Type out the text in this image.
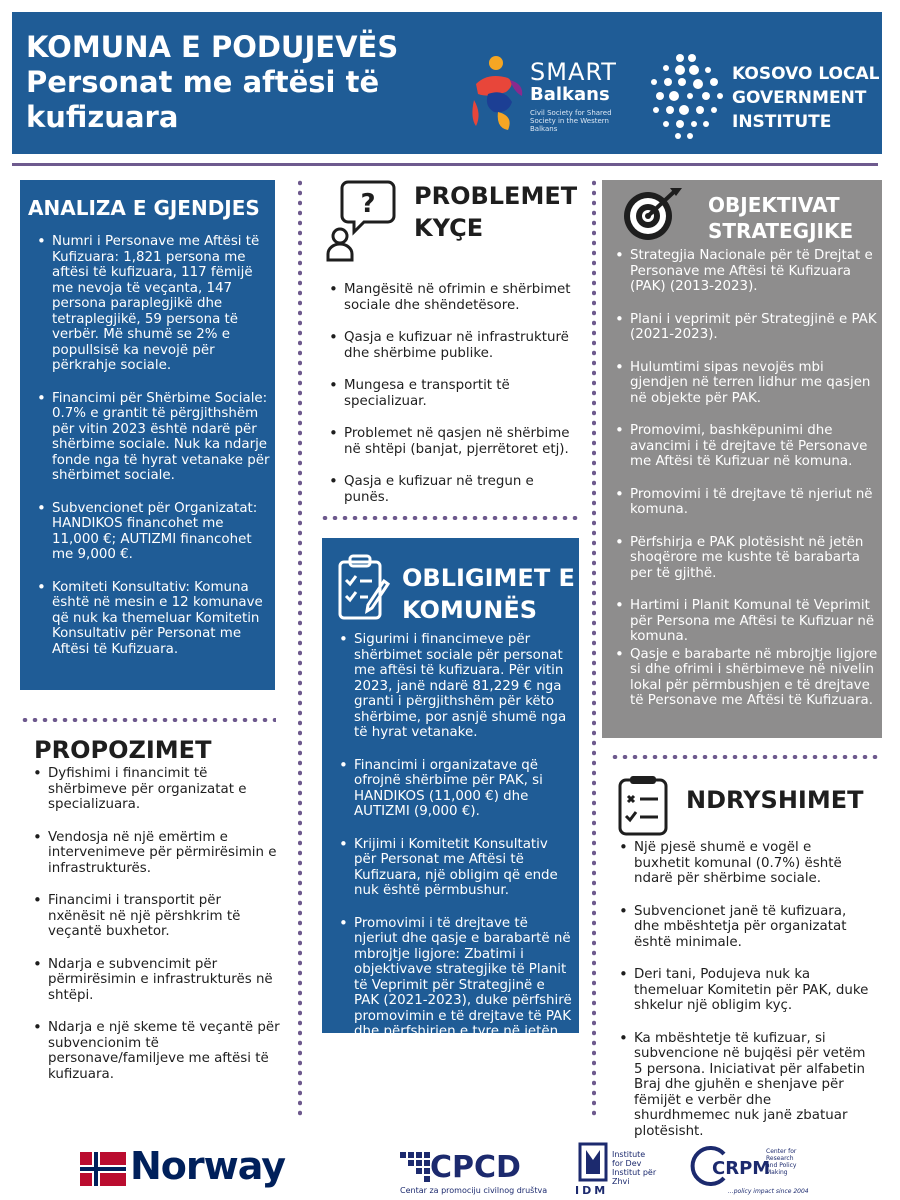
KOMUNA E PODUJEVËS
Personat me aftësi të
kufizuara
SMART
Balkans
Civil Society for Shared Society in the Western Balkans
KOSOVO LOCAL
GOVERNMENT
INSTITUTE
ANALIZA E GJENDJES
• Numri i Personave me Aftësi të Kufizuara: 1,821 persona me aftësi të kufizuara, 117 fëmijë me nevoja të veçanta, 147 persona paraplegjikë dhe tetraplegjikë, 59 persona të verbër. Më shumë se 2% e popullsisë ka nevojë për përkrahje sociale.
• Financimi për Shërbime Sociale: 0.7% e grantit të përgjithshëm për vitin 2023 është ndarë për shërbime sociale. Nuk ka ndarje fonde nga të hyrat vetanake për shërbimet sociale.
• Subvencionet për Organizatat: HANDIKOS financohet me 11,000 €; AUTIZMI financohet me 9,000 €.
• Komiteti Konsultativ: Komuna është në mesin e 12 komunave që nuk ka themeluar Komitetin Konsultativ për Personat me Aftësi të Kufizuara.
PROPOZIMET
• Dyfishimi i financimit të shërbimeve për organizatat e specializuara.
• Vendosja në një emërtim e intervenimeve për përmirësimin e infrastrukturës.
• Financimi i transportit për nxënësit në një përshkrim të veçantë buxhetor.
• Ndarja e subvencimit për përmirësimin e infrastrukturës në shtëpi.
• Ndarja e një skeme të veçantë për subvencionim të personave/familjeve me aftësi të kufizuara.
? PROBLEMET
KYÇE
• Mangësitë në ofrimin e shërbimet sociale dhe shëndetësore.
• Qasja e kufizuar në infrastrukturë dhe shërbime publike.
• Mungesa e transportit të specializuar.
• Problemet në qasjen në shërbime në shtëpi (banjat, pjerrëtoret etj).
• Qasja e kufizuar në tregun e punës.
OBLIGIMET E
KOMUNËS
• Sigurimi i financimeve për shërbimet sociale për personat me aftësi të kufizuara. Për vitin 2023, janë ndarë 81,229 € nga granti i përgjithshëm për këto shërbime, por asnjë shumë nga të hyrat vetanake.
• Financimi i organizatave që ofrojnë shërbime për PAK, si HANDIKOS (11,000 €) dhe AUTIZMI (9,000 €).
• Krijimi i Komitetit Konsultativ për Personat me Aftësi të Kufizuara, një obligim që ende nuk është përmbushur.
• Promovimi i të drejtave të njeriut dhe qasje e barabartë në mbrojtje ligjore: Zbatimi i objektivave strategjike të Planit të Veprimit për Strategjinë e PAK (2021-2023), duke përfshirë promovimin e të drejtave të PAK dhe përfshirjen e tyre në jetën shoqërore.
OBJEKTIVAT
STRATEGJIKE
• Strategjia Nacionale për të Drejtat e Personave me Aftësi të Kufizuara (PAK) (2013-2023).
• Plani i veprimit për Strategjinë e PAK (2021-2023).
• Hulumtimi sipas nevojës mbi gjendjen në terren lidhur me qasjen në objekte për PAK.
• Promovimi, bashkëpunimi dhe avancimi i të drejtave të Personave me Aftësi të Kufizuar në komuna.
• Promovimi i të drejtave të njeriut në komuna.
• Përfshirja e PAK plotësisht në jetën shoqërore me kushte të barabarta per të gjithë.
• Hartimi i Planit Komunal të Veprimit për Persona me Aftësi te Kufizuar në komuna.
• Qasje e barabarte në mbrojtje ligjore si dhe ofrimi i shërbimeve në nivelin lokal për përmbushjen e të drejtave të Personave me Aftësi të Kufizuara.
NDRYSHIMET
• Një pjesë shumë e vogël e buxhetit komunal (0.7%) është ndarë për shërbime sociale.
• Subvencionet janë të kufizuara, dhe mbështetja për organizatat është minimale.
• Deri tani, Podujeva nuk ka themeluar Komitetin për PAK, duke shkelur një obligim kyç.
• Ka mbështetje të kufizuar, si subvencione në bujqësi për vetëm 5 persona. Iniciativat për alfabetin Braj dhe gjuhën e shenjave për fëmijët e verbër dhe shurdhmemec nuk janë zbatuar plotësisht.
Norway	CPCD
Centar za promociju civilnog društva	IDM
Institute for Dev Institut për Zhvi
CRPM
Center for Research and Policy Making
...policy impact since 2004
